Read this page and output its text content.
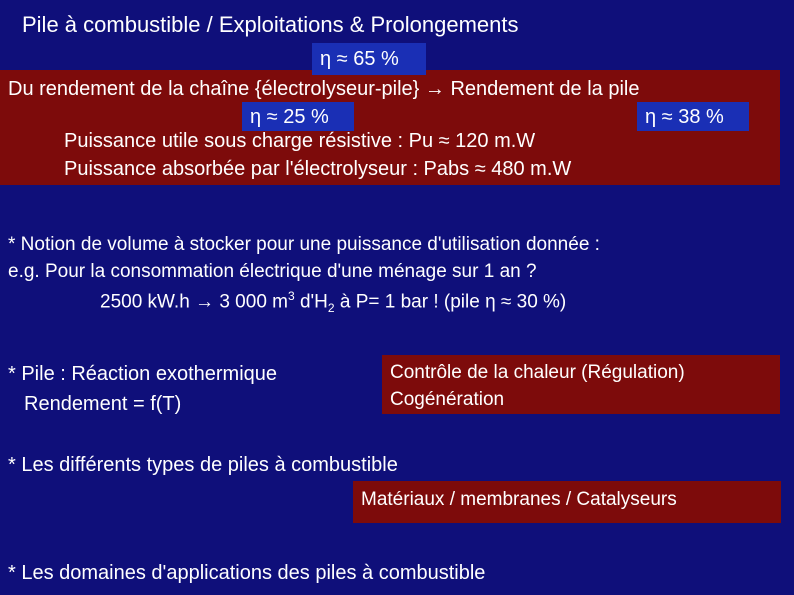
Pile à combustible / Exploitations & Prolongements
η ≈ 65 %
Du rendement de la chaîne {électrolyseur-pile} → Rendement de la pile
η ≈ 25 %	η ≈ 38 %
Puissance utile sous charge résistive : Pu ≈ 120 m.W
Puissance absorbée par l'électrolyseur : Pabs ≈ 480 m.W
* Notion de volume à stocker pour une puissance d'utilisation donnée :
e.g. Pour la consommation électrique d'une ménage sur 1 an ?
2500 kW.h → 3 000 $m^3$ $d'H_2$ à P= 1 bar ! (pile η ≈ 30 %)
* Pile : Réaction exothermique
Rendement = f(T)
Contrôle de la chaleur (Régulation)
Cogénération
* Les différents types de piles à combustible
Matériaux / membranes / Catalyseurs
* Les domaines d'applications des piles à combustible
